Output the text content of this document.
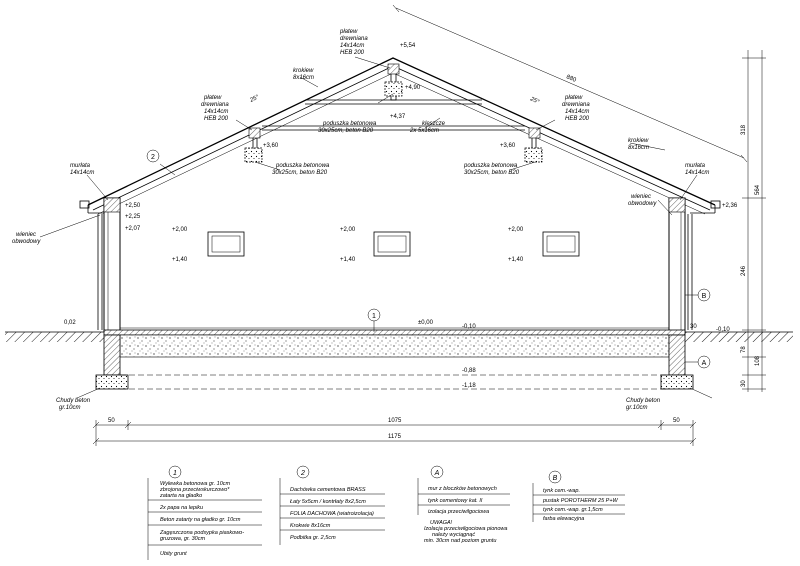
2
1
B
A
płatew drewniana 14x14cm HEB 200
płatew drewniana 14x14cm HEB 200
płatew drewniana 14x14cm HEB 200
krokiew 8x16cm
krokiew 8x16cm
poduszka betonowa 30x25cm, beton B20
poduszka betonowa 30x25cm, beton B20
poduszka betonowa 30x25cm, beton B20
kleszcze 2x 5x16cm
murłata 14x14cm
murłata 14x14cm
wieniec obwodowy
wieniec obwodowy
Chudy beton gr.10cm
Chudy beton gr.10cm
25°	25°
+5,54
+4,90
+4,37
+3,60	+3,60
+2,50
+2,25
+2,07
+2,36
+2,00	+2,00	+2,00
+1,40	+1,40	+1,40
0,02	±0,00
-0,10	-0,10
-0,88
-1,18
30
880
50	1075	50
1175
318
564
246
78
108
30
1
Wylewka betonowa gr. 10cm zbrojona przeciwskurczowo* zatarta na gładko
2x papa na lepiku
Beton zatarty na gładko gr. 10cm
Zagęszczona podsypka piaskowo- gruzowa, gr. 30cm
Ubity grunt
2
Dachówka cementowa BRASS
Łaty 5x5cm / kontrłaty 8x2,5cm
FOLIA DACHOWA (wiatroizolacja)
Krokwie 8x16cm
Podbitka gr. 2,5cm
A
mur z bloczków betonowych
tynk cementowy kat. II
izolacja przeciwilgociowa
UWAGA! Izolacja przeciwilgociowa pionowa należy wyciągnąć min. 30cm nad poziom gruntu
B
tynk cem.-wap.
pustak POROTHERM 25 P+W
tynk cem.-wap. gr.1,5cm
farba elewacyjna
